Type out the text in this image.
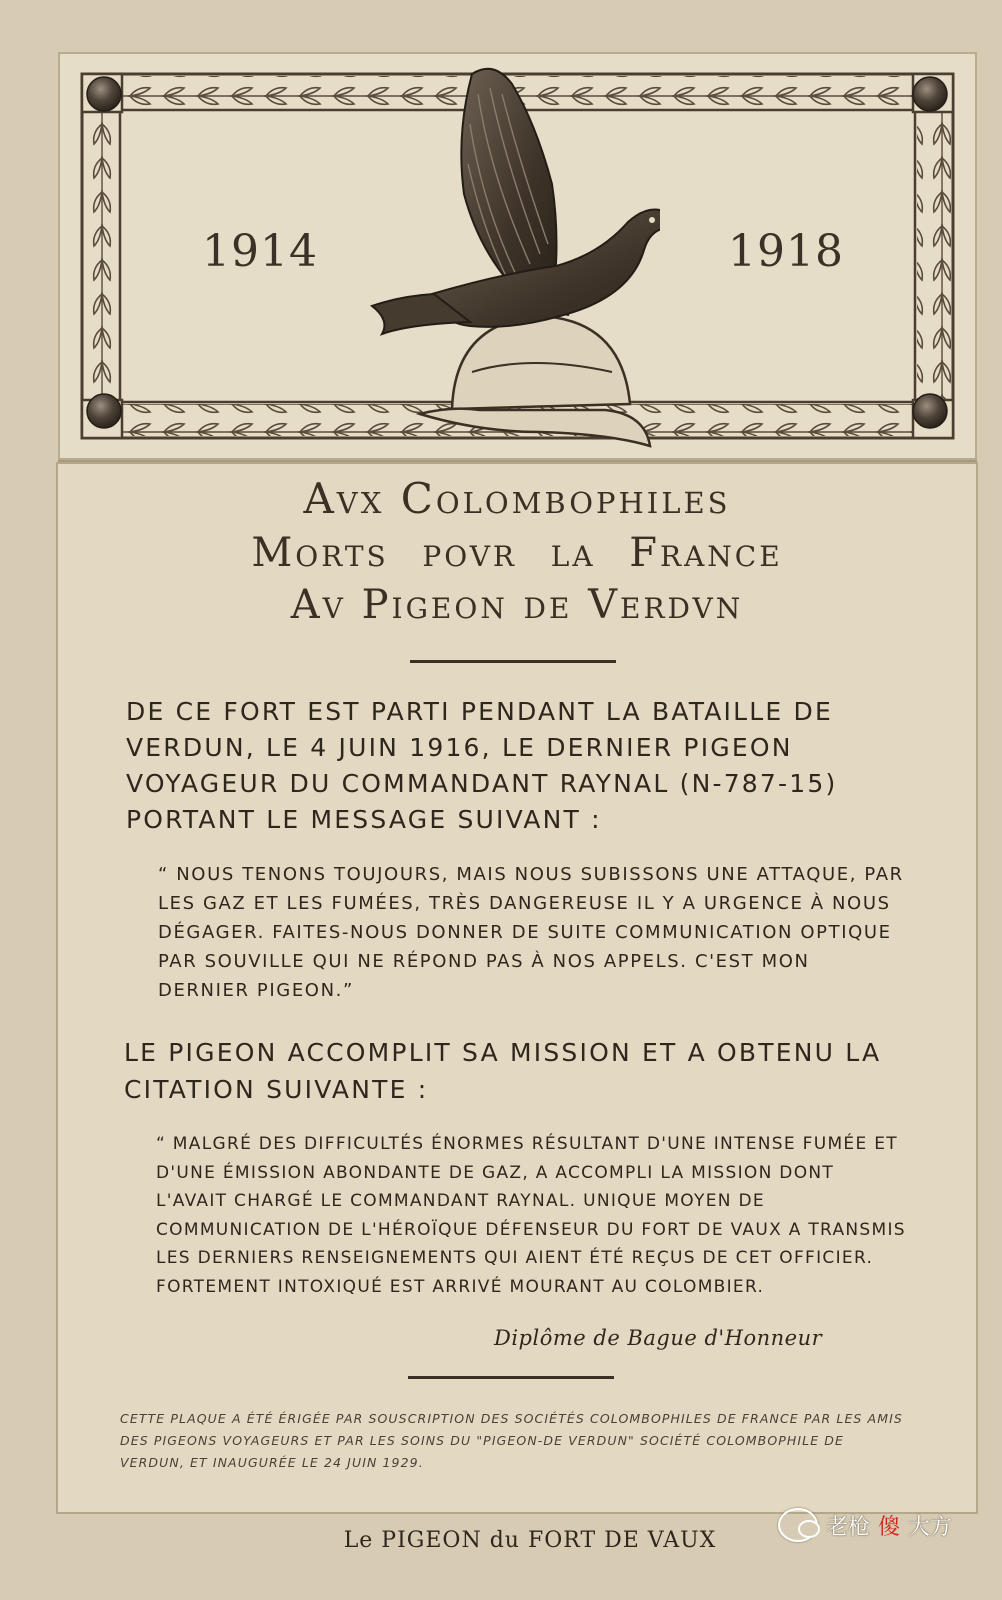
1914	1918
Avx Colombophiles
Morts povr la France
Av Pigeon de Verdvn

DE CE FORT EST PARTI PENDANT LA BATAILLE DE VERDUN, LE 4 JUIN 1916, LE DERNIER PIGEON VOYAGEUR DU COMMANDANT RAYNAL (N-787-15) PORTANT LE MESSAGE SUIVANT :

“ NOUS TENONS TOUJOURS, MAIS NOUS SUBISSONS UNE ATTAQUE, PAR LES GAZ ET LES FUMÉES, TRÈS DANGEREUSE IL Y A URGENCE À NOUS DÉGAGER. FAITES-NOUS DONNER DE SUITE COMMUNICATION OPTIQUE PAR SOUVILLE QUI NE RÉPOND PAS À NOS APPELS. C'EST MON DERNIER PIGEON.”

LE PIGEON ACCOMPLIT SA MISSION ET A OBTENU LA CITATION SUIVANTE :

“ MALGRÉ DES DIFFICULTÉS ÉNORMES RÉSULTANT D'UNE INTENSE FUMÉE ET D'UNE ÉMISSION ABONDANTE DE GAZ, A ACCOMPLI LA MISSION DONT L'AVAIT CHARGÉ LE COMMANDANT RAYNAL. UNIQUE MOYEN DE COMMUNICATION DE L'HÉROÏQUE DÉFENSEUR DU FORT DE VAUX A TRANSMIS LES DERNIERS RENSEIGNEMENTS QUI AIENT ÉTÉ REÇUS DE CET OFFICIER. FORTEMENT INTOXIQUÉ EST ARRIVÉ MOURANT AU COLOMBIER.

Diplôme de Bague d'Honneur
CETTE PLAQUE A ÉTÉ ÉRIGÉE PAR SOUSCRIPTION DES SOCIÉTÉS COLOMBOPHILES DE FRANCE PAR LES AMIS DES PIGEONS VOYAGEURS ET PAR LES SOINS DU "PIGEON-DE VERDUN" SOCIÉTÉ COLOMBOPHILE DE VERDUN, ET INAUGURÉE LE 24 JUIN 1929.
Le PIGEON du FORT DE VAUX
老枪 傻 大方
